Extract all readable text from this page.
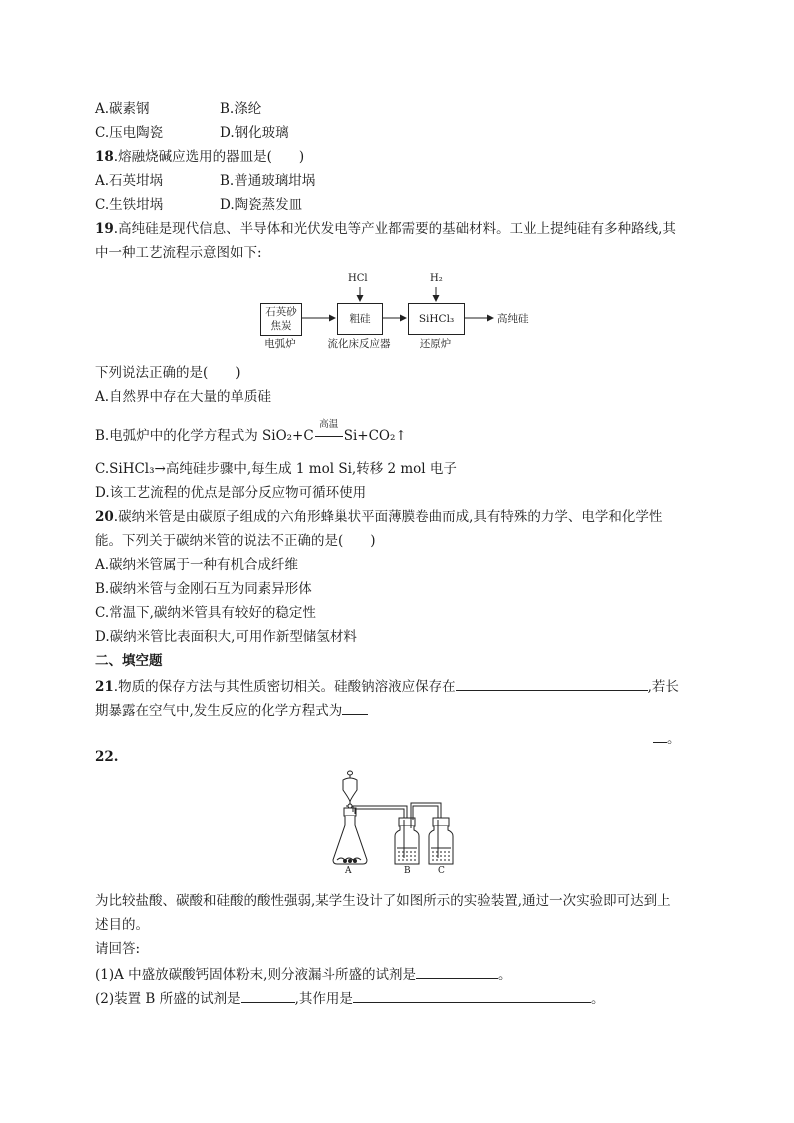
A.碳素钢	B.涤纶
C.压电陶瓷	D.钢化玻璃
18.熔融烧碱应选用的器皿是(　　)
A.石英坩埚	B.普通玻璃坩埚
C.生铁坩埚	D.陶瓷蒸发皿
19.高纯硅是现代信息、半导体和光伏发电等产业都需要的基础材料。工业上提纯硅有多种路线,其
中一种工艺流程示意图如下:
石英砂
焦炭
粗硅	SiHCl₃
HCl	H₂
高纯硅
电弧炉	流化床反应器	还原炉
下列说法正确的是(　　)
A.自然界中存在大量的单质硅
B.电弧炉中的化学方程式为 SiO₂+C
高温
Si+CO₂↑
C.SiHCl₃→高纯硅步骤中,每生成 1 mol Si,转移 2 mol 电子
D.该工艺流程的优点是部分反应物可循环使用
20.碳纳米管是由碳原子组成的六角形蜂巢状平面薄膜卷曲而成,具有特殊的力学、电学和化学性
能。下列关于碳纳米管的说法不正确的是(　　)
A.碳纳米管属于一种有机合成纤维
B.碳纳米管与金刚石互为同素异形体
C.常温下,碳纳米管具有较好的稳定性
D.碳纳米管比表面积大,可用作新型储氢材料
二、填空题
21.物质的保存方法与其性质密切相关。硅酸钠溶液应保存在	,若长
期暴露在空气中,发生反应的化学方程式为
。
22.
A	B	C
为比较盐酸、碳酸和硅酸的酸性强弱,某学生设计了如图所示的实验装置,通过一次实验即可达到上
述目的。
请回答:
(1)A 中盛放碳酸钙固体粉末,则分液漏斗所盛的试剂是	。
(2)装置 B 所盛的试剂是	,其作用是	。
